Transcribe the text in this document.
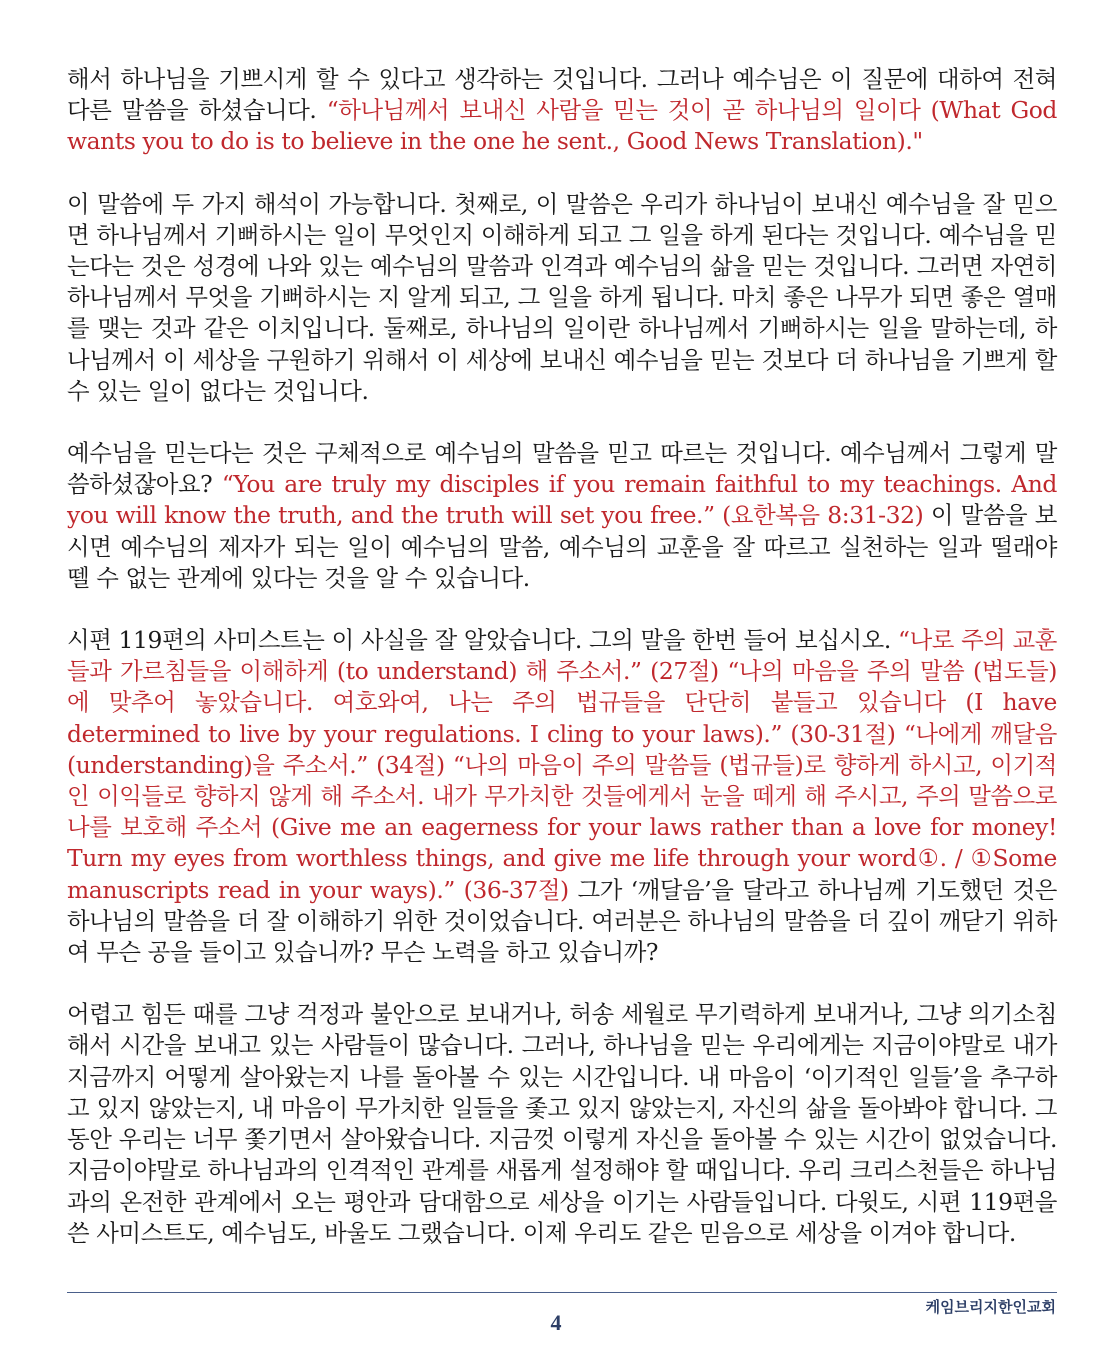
해서 하나님을 기쁘시게 할 수 있다고 생각하는 것입니다. 그러나 예수님은 이 질문에 대하여 전혀 다른 말씀을 하셨습니다. “하나님께서 보내신 사람을 믿는 것이 곧 하나님의 일이다 (What God wants you to do is to believe in the one he sent., Good News Translation)."

이 말씀에 두 가지 해석이 가능합니다. 첫째로, 이 말씀은 우리가 하나님이 보내신 예수님을 잘 믿으면 하나님께서 기뻐하시는 일이 무엇인지 이해하게 되고 그 일을 하게 된다는 것입니다. 예수님을 믿는다는 것은 성경에 나와 있는 예수님의 말씀과 인격과 예수님의 삶을 믿는 것입니다. 그러면 자연히 하나님께서 무엇을 기뻐하시는 지 알게 되고, 그 일을 하게 됩니다. 마치 좋은 나무가 되면 좋은 열매를 맺는 것과 같은 이치입니다. 둘째로, 하나님의 일이란 하나님께서 기뻐하시는 일을 말하는데, 하나님께서 이 세상을 구원하기 위해서 이 세상에 보내신 예수님을 믿는 것보다 더 하나님을 기쁘게 할 수 있는 일이 없다는 것입니다.

예수님을 믿는다는 것은 구체적으로 예수님의 말씀을 믿고 따르는 것입니다. 예수님께서 그렇게 말씀하셨잖아요? “You are truly my disciples if you remain faithful to my teachings. And you will know the truth, and the truth will set you free.” (요한복음 8:31-32) 이 말씀을 보시면 예수님의 제자가 되는 일이 예수님의 말씀, 예수님의 교훈을 잘 따르고 실천하는 일과 떨래야 뗄 수 없는 관계에 있다는 것을 알 수 있습니다.

시편 119편의 사미스트는 이 사실을 잘 알았습니다. 그의 말을 한번 들어 보십시오. “나로 주의 교훈들과 가르침들을 이해하게 (to understand) 해 주소서.” (27절) “나의 마음을 주의 말씀 (법도들)에 맞추어 놓았습니다. 여호와여, 나는 주의 법규들을 단단히 붙들고 있습니다 (I have determined to live by your regulations. I cling to your laws).” (30-31절) “나에게 깨달음 (understanding)을 주소서.” (34절) “나의 마음이 주의 말씀들 (법규들)로 향하게 하시고, 이기적인 이익들로 향하지 않게 해 주소서. 내가 무가치한 것들에게서 눈을 떼게 해 주시고, 주의 말씀으로 나를 보호해 주소서 (Give me an eagerness for your laws rather than a love for money! Turn my eyes from worthless things, and give me life through your word①. / ①Some manuscripts read in your ways).” (36-37절) 그가 ‘깨달음’을 달라고 하나님께 기도했던 것은 하나님의 말씀을 더 잘 이해하기 위한 것이었습니다. 여러분은 하나님의 말씀을 더 깊이 깨닫기 위하여 무슨 공을 들이고 있습니까? 무슨 노력을 하고 있습니까?

어렵고 힘든 때를 그냥 걱정과 불안으로 보내거나, 허송 세월로 무기력하게 보내거나, 그냥 의기소침해서 시간을 보내고 있는 사람들이 많습니다. 그러나, 하나님을 믿는 우리에게는 지금이야말로 내가 지금까지 어떻게 살아왔는지 나를 돌아볼 수 있는 시간입니다. 내 마음이 ‘이기적인 일들’을 추구하고 있지 않았는지, 내 마음이 무가치한 일들을 좇고 있지 않았는지, 자신의 삶을 돌아봐야 합니다. 그동안 우리는 너무 쫓기면서 살아왔습니다. 지금껏 이렇게 자신을 돌아볼 수 있는 시간이 없었습니다. 지금이야말로 하나님과의 인격적인 관계를 새롭게 설정해야 할 때입니다. 우리 크리스천들은 하나님과의 온전한 관계에서 오는 평안과 담대함으로 세상을 이기는 사람들입니다. 다윗도, 시편 119편을 쓴 사미스트도, 예수님도, 바울도 그랬습니다. 이제 우리도 같은 믿음으로 세상을 이겨야 합니다.

케임브리지한인교회
4
